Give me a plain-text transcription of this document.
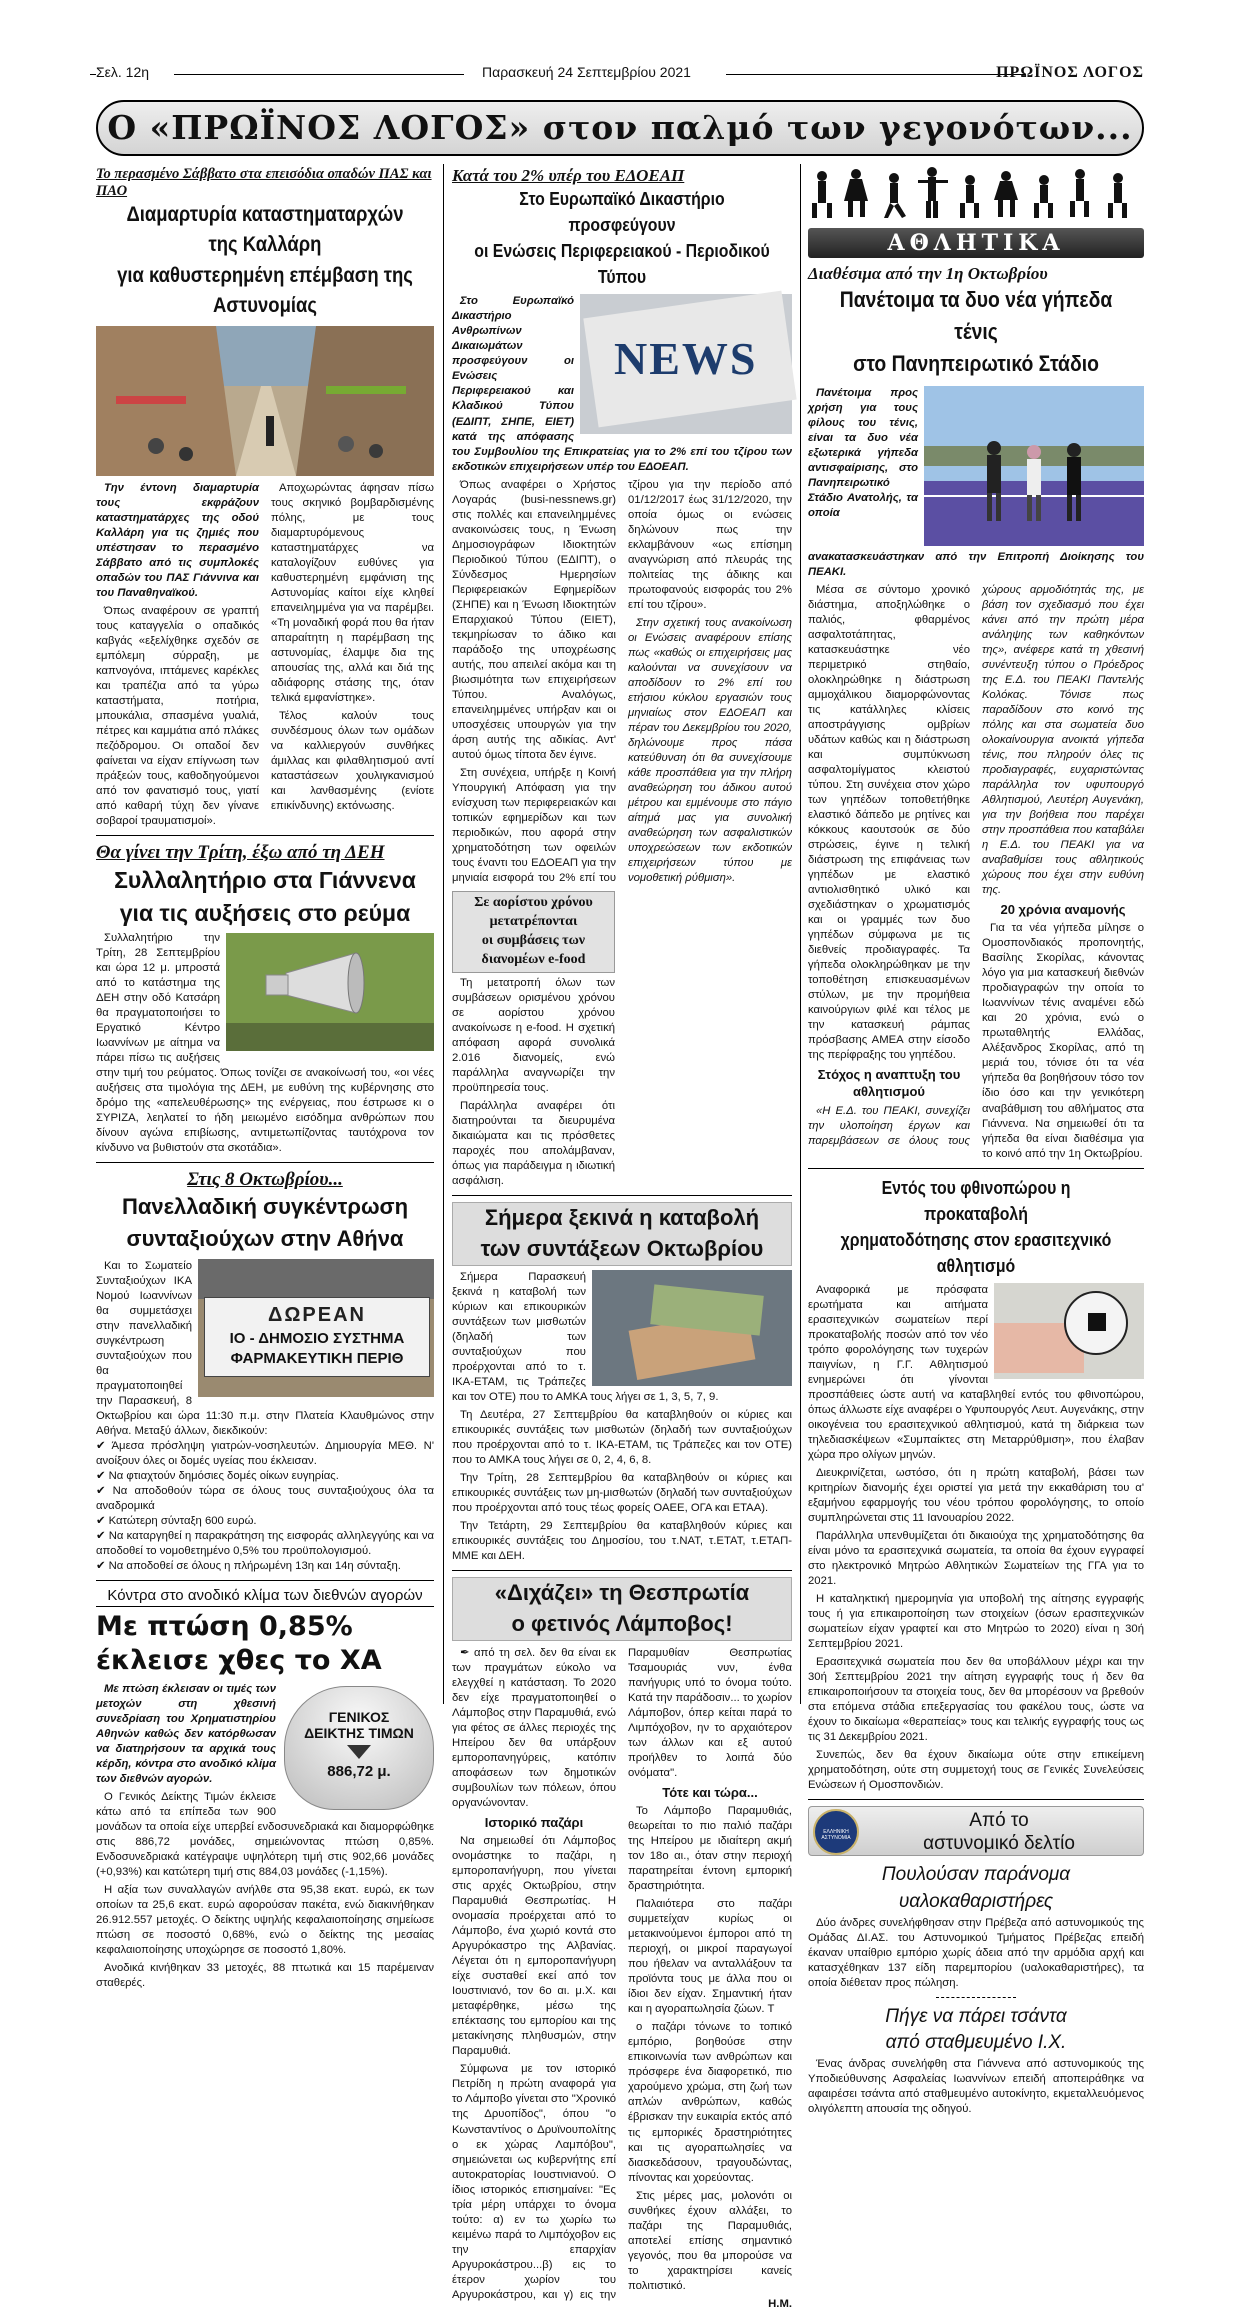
Σελ. 12η	Παρασκευή 24 Σεπτεμβρίου 2021	ΠΡΩΪΝΟΣ ΛΟΓΟΣ
Ο «ΠΡΩΪΝΟΣ ΛΟΓΟΣ» στον παλμό των γεγονότων...
Το περασμένο Σάββατο στα επεισόδια οπαδών ΠΑΣ και ΠΑΟ
Διαμαρτυρία καταστηματαρχών της Καλλάρη
για καθυστερημένη επέμβαση της Αστυνομίας

Την έντονη διαμαρτυρία τους εκφράζουν καταστηματάρχες της οδού Καλλάρη για τις ζημιές που υπέστησαν το περασμένο Σάββατο από τις συμπλοκές οπαδών του ΠΑΣ Γιάννινα και του Παναθηναϊκού.

Όπως αναφέρουν σε γραπτή τους καταγγελία ο οπαδικός καβγάς «εξελίχθηκε σχεδόν σε εμπόλεμη σύρραξη, με καπνογόνα, ιπτάμενες καρέκλες και τραπέζια από τα γύρω καταστήματα, ποτήρια, μπουκάλια, σπασμένα γυαλιά, πέτρες και καμμάτια από πλάκες πεζόδρομου. Οι οπαδοί δεν φαίνεται να είχαν επίγνωση των πράξεών τους, καθοδηγούμενοι από τον φανατισμό τους, γιατί από καθαρή τύχη δεν γίνανε σοβαροί τραυματισμοί».

Αποχωρώντας άφησαν πίσω τους σκηνικό βομβαρδισμένης πόλης, με τους διαμαρτυρόμενους καταστηματάρχες να καταλογίζουν ευθύνες για καθυστερημένη εμφάνιση της Αστυνομίας καίτοι είχε κληθεί επανειλημμένα για να παρέμβει. «Τη μοναδική φορά που θα ήταν απαραίτητη η παρέμβαση της αστυνομίας, έλαμψε δια της απουσίας της, αλλά και διά της αδιάφορης στάσης της, όταν τελικά εμφανίστηκε».

Τέλος καλούν τους συνδέσμους όλων των ομάδων να καλλιεργούν συνθήκες άμιλλας και φιλαθλητισμού αντί καταστάσεων χουλιγκανισμού και λανθασμένης (ενίοτε επικίνδυνης) εκτόνωσης.

Θα γίνει την Τρίτη, έξω από τη ΔΕΗ
Συλλαλητήριο στα Γιάννενα
για τις αυξήσεις στο ρεύμα
Συλλαλητήριο την Τρίτη, 28 Σεπτεμβρίου και ώρα 12 μ. μπροστά από το κατάστημα της ΔΕΗ στην οδό Κατσάρη θα πραγματοποιήσει το Εργατικό Κέντρο Ιωαννίνων με αίτημα να πάρει πίσω τις αυξήσεις στην τιμή του ρεύματος. Όπως τονίζει σε ανακοίνωσή του, «οι νέες αυξήσεις στα τιμολόγια της ΔΕΗ, με ευθύνη της κυβέρνησης στο δρόμο της «απελευθέρωσης» της ενέργειας, που έστρωσε κι ο ΣΥΡΙΖΑ, λεηλατεί το ήδη μειωμένο εισόδημα ανθρώπων που δίνουν αγώνα επιβίωσης, αντιμετωπίζοντας ταυτόχρονα τον κίνδυνο να βυθιστούν στα σκοτάδια».
Στις 8 Οκτωβρίου...
Πανελλαδική συγκέντρωση
συνταξιούχων στην Αθήνα
ΔΩΡΕΑΝ
ΙΟ - ΔΗΜΟΣΙΟ ΣΥΣΤΗΜΑ
ΦΑΡΜΑΚΕΥΤΙΚΗ ΠΕΡΙΘ
Και το Σωματείο Συνταξιούχων ΙΚΑ Νομού Ιωαννίνων θα συμμετάσχει στην πανελλαδική συγκέντρωση συνταξιούχων που θα πραγματοποιηθεί την Παρασκευή, 8 Οκτωβρίου και ώρα 11:30 π.μ. στην Πλατεία Κλαυθμώνος στην Αθήνα. Μεταξύ άλλων, διεκδικούν:
✔ Άμεσα πρόσληψη γιατρών-νοσηλευτών. Δημιουργία ΜΕΘ. Ν' ανοίξουν όλες οι δομές υγείας που έκλεισαν.
✔ Να φτιαχτούν δημόσιες δομές οίκων ευγηρίας.
✔ Να αποδοθούν τώρα σε όλους τους συνταξιούχους όλα τα αναδρομικά
✔ Κατώτερη σύνταξη 600 ευρώ.
✔ Να καταργηθεί η παρακράτηση της εισφοράς αλληλεγγύης και να αποδοθεί το νομοθετημένο 0,5% του προϋπολογισμού.
✔ Να αποδοθεί σε όλους η πλήρωμένη 13η και 14η σύνταξη.
Κόντρα στο ανοδικό κλίμα των διεθνών αγορών
Με πτώση 0,85%
έκλεισε χθες το ΧΑ
ΓΕΝΙΚΟΣ
ΔΕΙΚΤΗΣ ΤΙΜΩΝ
886,72 μ.

Με πτώση έκλεισαν οι τιμές των μετοχών στη χθεσινή συνεδρίαση του Χρηματιστηρίου Αθηνών καθώς δεν κατόρθωσαν να διατηρήσουν τα αρχικά τους κέρδη, κόντρα στο ανοδικό κλίμα των διεθνών αγορών.

Ο Γενικός Δείκτης Τιμών έκλεισε κάτω από τα επίπεδα των 900 μονάδων τα οποία είχε υπερβεί ενδοσυνεδριακά και διαμορφώθηκε στις 886,72 μονάδες, σημειώνοντας πτώση 0,85%. Ενδοσυνεδριακά κατέγραψε υψηλότερη τιμή στις 902,66 μονάδες (+0,93%) και κατώτερη τιμή στις 884,03 μονάδες (-1,15%).

Η αξία των συναλλαγών ανήλθε στα 95,38 εκατ. ευρώ, εκ των οποίων τα 25,6 εκατ. ευρώ αφορούσαν πακέτα, ενώ διακινήθηκαν 26.912.557 μετοχές. Ο δείκτης υψηλής κεφαλαιοποίησης σημείωσε πτώση σε ποσοστό 0,68%, ενώ ο δείκτης της μεσαίας κεφαλαιοποίησης υποχώρησε σε ποσοστό 1,80%.

Ανοδικά κινήθηκαν 33 μετοχές, 88 πτωτικά και 15 παρέμειναν σταθερές.

Κατά του 2% υπέρ του ΕΔΟΕΑΠ
Στο Ευρωπαϊκό Δικαστήριο προσφεύγουν
οι Ενώσεις Περιφερειακού - Περιοδικού Τύπου
NEWS

Στο Ευρωπαϊκό Δικαστήριο Ανθρωπίνων Δικαιωμάτων προσφεύγουν οι Ενώσεις Περιφερειακού και Κλαδικού Τύπου (ΕΔΙΠΤ, ΣΗΠΕ, ΕΙΕΤ) κατά της απόφασης του Συμβουλίου της Επικρατείας για το 2% επί του τζίρου των εκδοτικών επιχειρήσεων υπέρ του ΕΔΟΕΑΠ.

Όπως αναφέρει ο Χρήστος Λογαράς (busi-nessnews.gr) στις πολλές και επανειλημμένες ανακοινώσεις τους, η Ένωση Δημοσιογράφων Ιδιοκτητών Περιοδικού Τύπου (ΕΔΙΠΤ), ο Σύνδεσμος Ημερησίων Περιφερειακών Εφημερίδων (ΣΗΠΕ) και η Ένωση Ιδιοκτητών Επαρχιακού Τύπου (ΕΙΕΤ), τεκμηρίωσαν το άδικο και παράδοξο της υποχρέωσης αυτής, που απειλεί ακόμα και τη βιωσιμότητα των επιχειρήσεων Τύπου. Αναλόγως, επανειλημμένες υπήρξαν και οι υποσχέσεις υπουργών για την άρση αυτής της αδικίας. Αντ' αυτού όμως τίποτα δεν έγινε.

Στη συνέχεια, υπήρξε η Κοινή Υπουργική Απόφαση για την ενίσχυση των περιφερειακών και τοπικών εφημερίδων και των περιοδικών, που αφορά στην χρηματοδότηση των οφειλών τους έναντι του ΕΔΟΕΑΠ για την μηνιαία εισφορά του 2% επί του τζίρου για την περίοδο από 01/12/2017 έως 31/12/2020, την οποία όμως οι ενώσεις δηλώνουν πως την εκλαμβάνουν «ως επίσημη αναγνώριση από πλευράς της πολιτείας της άδικης και πρωτοφανούς εισφοράς του 2% επί του τζίρου».

Στην σχετική τους ανακοίνωση οι Ενώσεις αναφέρουν επίσης πως «καθώς οι επιχειρήσεις μας καλούνται να συνεχίσουν να αποδίδουν το 2% επί του ετήσιου κύκλου εργασιών τους μηνιαίως στον ΕΔΟΕΑΠ και πέραν του Δεκεμβρίου του 2020, δηλώνουμε προς πάσα κατεύθυνση ότι θα συνεχίσουμε κάθε προσπάθεια για την πλήρη αναθεώρηση του άδικου αυτού μέτρου και εμμένουμε στο πάγιο αίτημά μας για συνολική αναθεώρηση των ασφαλιστικών υποχρεώσεων των εκδοτικών επιχειρήσεων τύπου με νομοθετική ρύθμιση».

Σε αορίστου χρόνου μετατρέπονται
οι συμβάσεις των διανομέων e-food

Τη μετατροπή όλων των συμβάσεων ορισμένου χρόνου σε αορίστου χρόνου ανακοίνωσε η e-food. Η σχετική απόφαση αφορά συνολικά 2.016 διανομείς, ενώ παράλληλα αναγνωρίζει την προϋπηρεσία τους.

Παράλληλα αναφέρει ότι διατηρούνται τα διευρυμένα δικαιώματα και τις πρόσθετες παροχές που απολάμβαναν, όπως για παράδειγμα η ιδιωτική ασφάλιση.

Σήμερα ξεκινά η καταβολή
των συντάξεων Οκτωβρίου

Σήμερα Παρασκευή ξεκινά η καταβολή των κύριων και επικουρικών συντάξεων των μισθωτών (δηλαδή των συνταξιούχων που προέρχονται από το τ. ΙΚΑ-ΕΤΑΜ, τις Τράπεζες και τον ΟΤΕ) που το ΑΜΚΑ τους λήγει σε 1, 3, 5, 7, 9.

Τη Δευτέρα, 27 Σεπτεμβρίου θα καταβληθούν οι κύριες και επικουρικές συντάξεις των μισθωτών (δηλαδή των συνταξιούχων που προέρχονται από το τ. ΙΚΑ-ΕΤΑΜ, τις Τράπεζες και τον ΟΤΕ) που το ΑΜΚΑ τους λήγει σε 0, 2, 4, 6, 8.

Την Τρίτη, 28 Σεπτεμβρίου θα καταβληθούν οι κύριες και επικουρικές συντάξεις των μη-μισθωτών (δηλαδή των συνταξιούχων που προέρχονται από τους τέως φορείς ΟΑΕΕ, ΟΓΑ και ΕΤΑΑ).

Την Τετάρτη, 29 Σεπτεμβρίου θα καταβληθούν κύριες και επικουρικές συντάξεις του Δημοσίου, του τ.ΝΑΤ, τ.ΕΤΑΤ, τ.ΕΤΑΠ-ΜΜΕ και ΔΕΗ.

«Διχάζει» τη Θεσπρωτία
ο φετινός Λάμποβος!

✒ από τη σελ. δεν θα είναι εκ των πραγμάτων εύκολο να ελεγχθεί η κατάσταση. Το 2020 δεν είχε πραγματοποιηθεί ο Λάμποβος στην Παραμυθιά, ενώ για φέτος σε άλλες περιοχές της Ηπείρου δεν θα υπάρξουν εμποροπανηγύρεις, κατόπιν αποφάσεων των δημοτικών συμβουλίων των πόλεων, όπου οργανώνονταν.

Ιστορικό παζάρι

Να σημειωθεί ότι Λάμποβος ονομάστηκε το παζάρι, η εμποροπανήγυρη, που γίνεται στις αρχές Οκτωβρίου, στην Παραμυθιά Θεσπρωτίας. Η ονομασία προέρχεται από το Λάμποβο, ένα χωριό κοντά στο Αργυρόκαστρο της Αλβανίας. Λέγεται ότι η εμποροπανήγυρη είχε συσταθεί εκεί από τον Ιουστινιανό, τον 6ο αι. μ.Χ. και μεταφέρθηκε, μέσω της επέκτασης του εμπορίου και της μετακίνησης πληθυσμών, στην Παραμυθιά.

Σύμφωνα με τον ιστορικό Πετρίδη η πρώτη αναφορά για το Λάμποβο γίνεται στο "Χρονικό της Δρυοπίδος", όπου "ο Κωνσταντίνος ο Δρυϊνουπολίτης ο εκ χώρας Λαμπόβου", σημειώνεται ως κυβερνήτης επί αυτοκρατορίας Ιουστινιανού. Ο ίδιος ιστορικός επισημαίνει: "Ες τρία μέρη υπάρχει το όνομα τούτο: α) εν τω χωρίω τω κειμένω παρά το Λιμπόχοβον εις την επαρχίαν Αργυροκάστρου...β) εις το έτερον χωρίον του Αργυροκάστρου, και γ) εις την Παραμυθίαν Θεσπρωτίας Τσαμουριάς νυν, ένθα πανήγυρις υπό το όνομα τούτο. Κατά την παράδοσιν... το χωρίον Λάμποβον, όπερ κείται παρά το Λιμπόχοβον, ην το αρχαιότερον των άλλων και εξ αυτού προήλθεν το λοιπά δύο ονόματα".

Τότε και τώρα...

Το Λάμποβο Παραμυθιάς, θεωρείται το πιο παλιό παζάρι της Ηπείρου με ιδιαίτερη ακμή τον 18ο αι., όταν στην περιοχή παρατηρείται έντονη εμπορική δραστηριότητα.

Παλαιότερα στο παζάρι συμμετείχαν κυρίως οι μετακινούμενοι έμποροι από τη περιοχή, οι μικροί παραγωγοί που ήθελαν να ανταλλάξουν τα προϊόντα τους με άλλα που οι ίδιοι δεν είχαν. Σημαντική ήταν και η αγοραπωλησία ζώων. Τ

ο παζάρι τόνωνε το τοπικό εμπόριο, βοηθούσε στην επικοινωνία των ανθρώπων και πρόσφερε ένα διαφορετικό, πιο χαρούμενο χρώμα, στη ζωή των απλών ανθρώπων, καθώς έβρισκαν την ευκαιρία εκτός από τις εμπορικές δραστηριότητες και τις αγοραπωλησίες να διασκεδάσουν, τραγουδώντας, πίνοντας και χορεύοντας.

Στις μέρες μας, μολονότι οι συνθήκες έχουν αλλάξει, το παζάρι της Παραμυθιάς, αποτελεί επίσης σημαντικό γεγονός, που θα μπορούσε να το χαρακτηρίσει κανείς πολιτιστικό.

Η.Μ.

ΑΘΛΗΤΙΚΑ
Διαθέσιμα από την 1η Οκτωβρίου
Πανέτοιμα τα δυο νέα γήπεδα τένις
στο Πανηπειρωτικό Στάδιο

Πανέτοιμα προς χρήση για τους φίλους του τένις, είναι τα δυο νέα εξωτερικά γήπεδα αντισφαίρισης, στο Πανηπειρωτικό Στάδιο Ανατολής, τα οποία ανακατασκευάστηκαν από την Επιτροπή Διοίκησης του ΠΕΑΚΙ.

Μέσα σε σύντομο χρονικό διάστημα, αποξηλώθηκε ο παλιός, φθαρμένος ασφαλτοτάπητας, κατασκευάστηκε νέο περιμετρικό στηθαίο, ολοκληρώθηκε η διάστρωση αμμοχάλικου διαμορφώνοντας τις κατάλληλες κλίσεις αποστράγγισης ομβρίων υδάτων καθώς και η διάστρωση και συμπύκνωση ασφαλτομίγματος κλειστού τύπου. Στη συνέχεια στον χώρο των γηπέδων τοποθετήθηκε ελαστικό δάπεδο με ρητίνες και κόκκους καουτσούκ σε δύο στρώσεις, έγινε η τελική διάστρωση της επιφάνειας των γηπέδων με ελαστικό αντιολισθητικό υλικό και σχεδιάστηκαν ο χρωματισμός και οι γραμμές των δυο γηπέδων σύμφωνα με τις διεθνείς προδιαγραφές. Τα γήπεδα ολοκληρώθηκαν με την τοποθέτηση επισκευασμένων στύλων, με την προμήθεια καινούργιων φιλέ και τέλος με την κατασκευή ράμπας πρόσβασης ΑΜΕΑ στην είσοδο της περίφραξης του γηπέδου.

Στόχος η αναπτυξη του αθλητισμού

«Η Ε.Δ. του ΠΕΑΚΙ, συνεχίζει την υλοποίηση έργων και παρεμβάσεων σε όλους τους χώρους αρμοδιότητάς της, με βάση τον σχεδιασμό που έχει κάνει από την πρώτη μέρα ανάληψης των καθηκόντων της», ανέφερε κατά τη χθεσινή συνέντευξη τύπου ο Πρόεδρος της Ε.Δ. του ΠΕΑΚΙ Παντελής Κολόκας. Τόνισε πως παραδίδουν στο κοινό της πόλης και στα σωματεία δυο ολοκαίνουργια ανοικτά γήπεδα τένις, που πληρούν όλες τις προδιαγραφές, ευχαριστώντας παράλληλα τον υφυπουργό Αθλητισμού, Λευτέρη Αυγενάκη, για την βοήθεια που παρέχει στην προσπάθεια που καταβάλει η Ε.Δ. του ΠΕΑΚΙ για να αναβαθμίσει τους αθλητικούς χώρους που έχει στην ευθύνη της.

20 χρόνια αναμονής

Για τα νέα γήπεδα μίλησε ο Ομοσπονδιακός προπονητής, Βασίλης Σκορίλας, κάνοντας λόγο για μια κατασκευή διεθνών προδιαγραφών την οποία το Ιωαννίνων τένις αναμένει εδώ και 20 χρόνια, ενώ ο πρωταθλητής Ελλάδας, Αλέξανδρος Σκορίλας, από τη μεριά του, τόνισε ότι τα νέα γήπεδα θα βοηθήσουν τόσο τον ίδιο όσο και την γενικότερη αναβάθμιση του αθλήματος στα Γιάννενα. Να σημειωθεί ότι τα γήπεδα θα είναι διαθέσιμα για το κοινό από την 1η Οκτωβρίου.

Εντός του φθινοπώρου η προκαταβολή
χρηματοδότησης στον ερασιτεχνικό αθλητισμό

Αναφορικά με πρόσφατα ερωτήματα και αιτήματα ερασιτεχνικών σωματείων περί προκαταβολής ποσών από τον νέο τρόπο φορολόγησης των τυχερών παιγνίων, η Γ.Γ. Αθλητισμού ενημερώνει ότι γίνονται προσπάθειες ώστε αυτή να καταβληθεί εντός του φθινοπώρου, όπως άλλωστε είχε αναφέρει ο Υφυπουργός Λευτ. Αυγενάκης, στην οικογένεια του ερασιτεχνικού αθλητισμού, κατά τη διάρκεια των τηλεδιασκέψεων «Συμπαίκτες στη Μεταρρύθμιση», που έλαβαν χώρα προ ολίγων μηνών.

Διευκρινίζεται, ωστόσο, ότι η πρώτη καταβολή, βάσει των κριτηρίων διανομής έχει οριστεί για μετά την εκκαθάριση του α' εξαμήνου εφαρμογής του νέου τρόπου φορολόγησης, το οποίο συμπληρώνεται στις 11 Ιανουαρίου 2022.

Παράλληλα υπενθυμίζεται ότι δικαιούχα της χρηματοδότησης θα είναι μόνο τα ερασιτεχνικά σωματεία, τα οποία θα έχουν εγγραφεί στο ηλεκτρονικό Μητρώο Αθλητικών Σωματείων της ΓΓΑ για το 2021.

Η καταληκτική ημερομηνία για υποβολή της αίτησης εγγραφής τους ή για επικαιροποίηση των στοιχείων (όσων ερασιτεχνικών σωματείων είχαν γραφτεί και στο Μητρώο το 2020) είναι η 30ή Σεπτεμβρίου 2021.

Ερασιτεχνικά σωματεία που δεν θα υποβάλλουν μέχρι και την 30ή Σεπτεμβρίου 2021 την αίτηση εγγραφής τους ή δεν θα επικαιροποιήσουν τα στοιχεία τους, δεν θα μπορέσουν να βρεθούν στα επόμενα στάδια επεξεργασίας του φακέλου τους, ώστε να έχουν το δικαίωμα «θεραπείας» τους και τελικής εγγραφής τους ως τις 31 Δεκεμβρίου 2021.

Συνεπώς, δεν θα έχουν δικαίωμα ούτε στην επικείμενη χρηματοδότηση, ούτε στη συμμετοχή τους σε Γενικές Συνελεύσεις Ενώσεων ή Ομοσπονδιών.

ΕΛΛΗΝΙΚΗ ΑΣΤΥΝΟΜΙΑ
Από το
αστυνομικό δελτίο
Πουλούσαν παράνομα
υαλοκαθαριστήρες

Δύο άνδρες συνελήφθησαν στην Πρέβεζα από αστυνομικούς της Ομάδας ΔΙ.ΑΣ. του Αστυνομικού Τμήματος Πρέβεζας επειδή έκαναν υπαίθριο εμπόριο χωρίς άδεια από την αρμόδια αρχή και κατασχέθηκαν 137 είδη παρεμπορίου (υαλοκαθαριστήρες), τα οποία διέθεταν προς πώληση.

Πήγε να πάρει τσάντα
από σταθμευμένο Ι.Χ.

Ένας άνδρας συνελήφθη στα Γιάννενα από αστυνομικούς της Υποδιεύθυνσης Ασφαλείας Ιωαννίνων επειδή αποπειράθηκε να αφαιρέσει τσάντα από σταθμευμένο αυτοκίνητο, εκμεταλλευόμενος ολιγόλεπτη απουσία της οδηγού.
